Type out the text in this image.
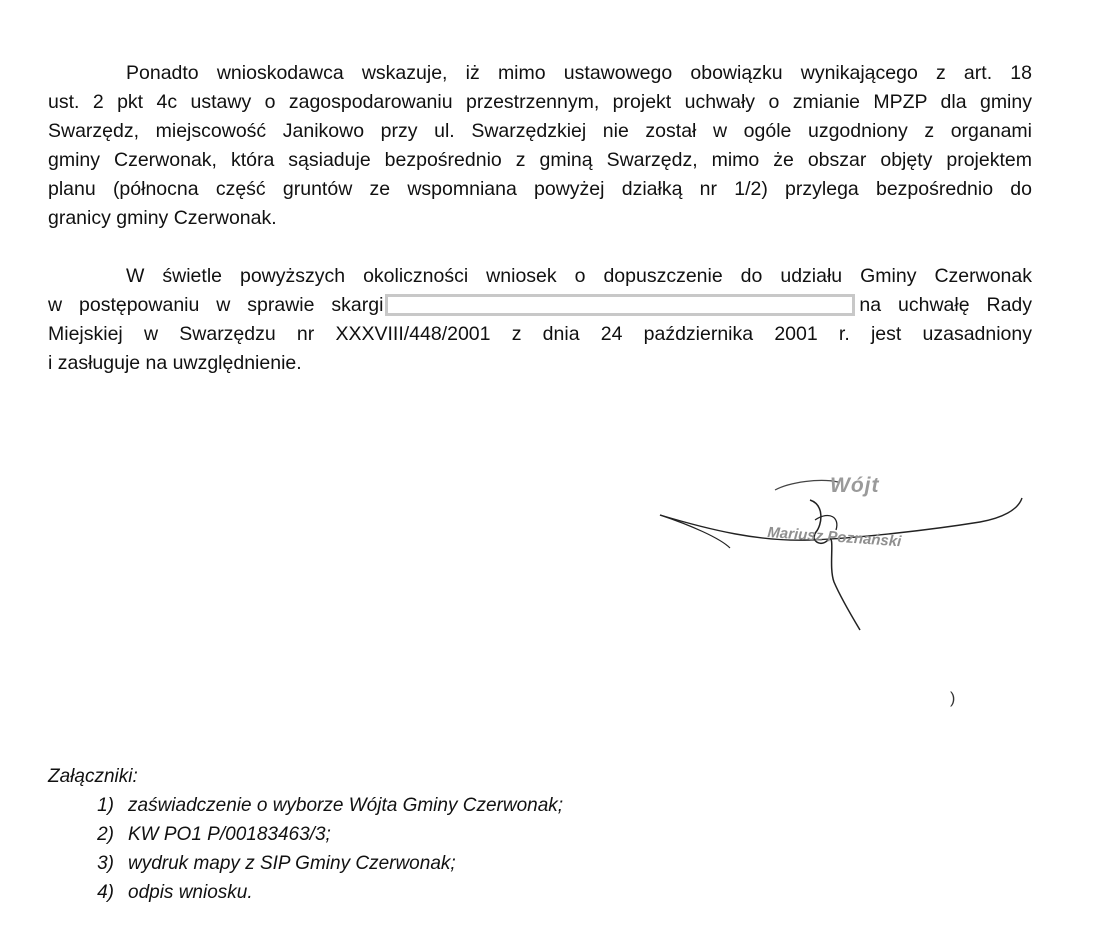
Ponadto wnioskodawca wskazuje, iż mimo ustawowego obowiązku wynikającego z art. 18
ust. 2 pkt 4c ustawy o zagospodarowaniu przestrzennym, projekt uchwały o zmianie MPZP dla gminy
Swarzędz, miejscowość Janikowo przy ul. Swarzędzkiej nie został w ogóle uzgodniony z organami
gminy Czerwonak, która sąsiaduje bezpośrednio z gminą Swarzędz, mimo że obszar objęty projektem
planu (północna część gruntów ze wspomniana powyżej działką nr 1/2) przylega bezpośrednio do
granicy gminy Czerwonak.
W świetle powyższych okoliczności wniosek o dopuszczenie do udziału Gminy Czerwonak
w postępowaniu w sprawie skargi	na uchwałę Rady
Miejskiej w Swarzędzu nr XXXVIII/448/2001 z dnia 24 października 2001 r. jest uzasadniony
i zasługuje na uwzględnienie.
Wójt
Mariusz Poznański
)
Załączniki:
1) zaświadczenie o wyborze Wójta Gminy Czerwonak;
2) KW PO1 P/00183463/3;
3) wydruk mapy z SIP Gminy Czerwonak;
4) odpis wniosku.
